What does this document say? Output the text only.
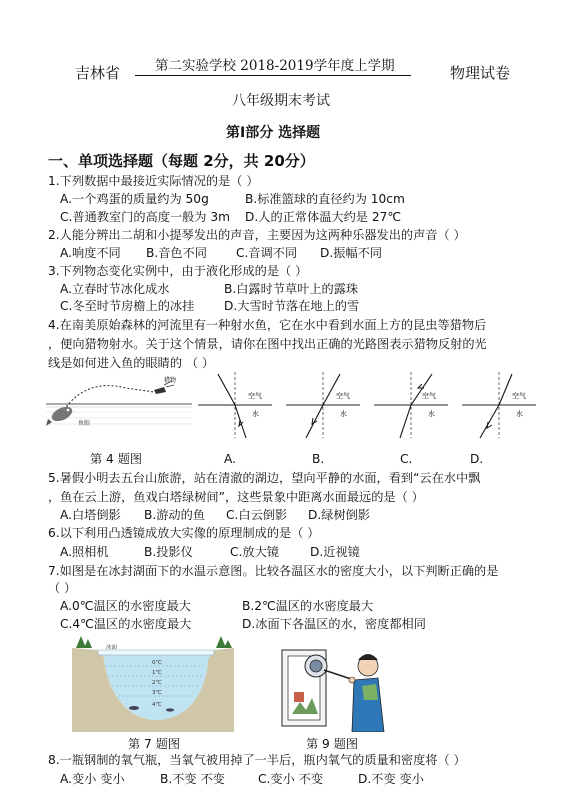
吉林省	第二实验学校 2018-2019学年度上学期	物理试卷
八年级期末考试
第Ⅰ部分 选择题
一、单项选择题（每题 2分，共 20分）
1.下列数据中最接近实际情况的是（ ）
A.一个鸡蛋的质量约为 50g	B.标准篮球的直径约为 10cm
C.普通教室门的高度一般为 3m D.人的正常体温大约是 27℃
2.人能分辨出二胡和小提琴发出的声音，主要因为这两种乐器发出的声音（ ）
A.响度不同 B.音色不同 C.音调不同 D.振幅不同
3.下列物态变化实例中，由于液化形成的是（ ）
A.立春时节冰化成水	B.白露时节草叶上的露珠
C.冬至时节房檐上的冰挂 D.大雪时节落在地上的雪
4.在南美原始森林的河流里有一种射水鱼，它在水中看到水面上方的昆虫等猎物后
，便向猎物射水。关于这个情景，请你在图中找出正确的光路图表示猎物反射的光
线是如何进入鱼的眼睛的 （ ）
猎物
鱼眼
第 4 题图
空气
水
空气
水
空气
水
空气
水
A.	B.	C.	D.
5.暑假小明去五台山旅游，站在清澈的湖边，望向平静的水面，看到“云在水中飘
，鱼在云上游，鱼戏白塔绿树间”，这些景象中距离水面最远的是（ ）
A.白塔倒影 B.游动的鱼 C.白云倒影 D.绿树倒影
6.以下利用凸透镜成放大实像的原理制成的是（ ）
A.照相机	B.投影仪	C.放大镜	D.近视镜
7.如图是在冰封湖面下的水温示意图。比较各温区水的密度大小，以下判断正确的是
（ ）
A.0℃温区的水密度最大	B.2℃温区的水密度最大
C.4℃温区的水密度最大	D.冰面下各温区的水，密度都相同
冰面
0℃
1℃
2℃
3℃
4℃
第 7 题图	第 9 题图
8.一瓶钢制的氧气瓶，当氧气被用掉了一半后，瓶内氧气的质量和密度将（ ）
A.变小 变小	B.不变 不变	C.变小 不变	D.不变 变小
